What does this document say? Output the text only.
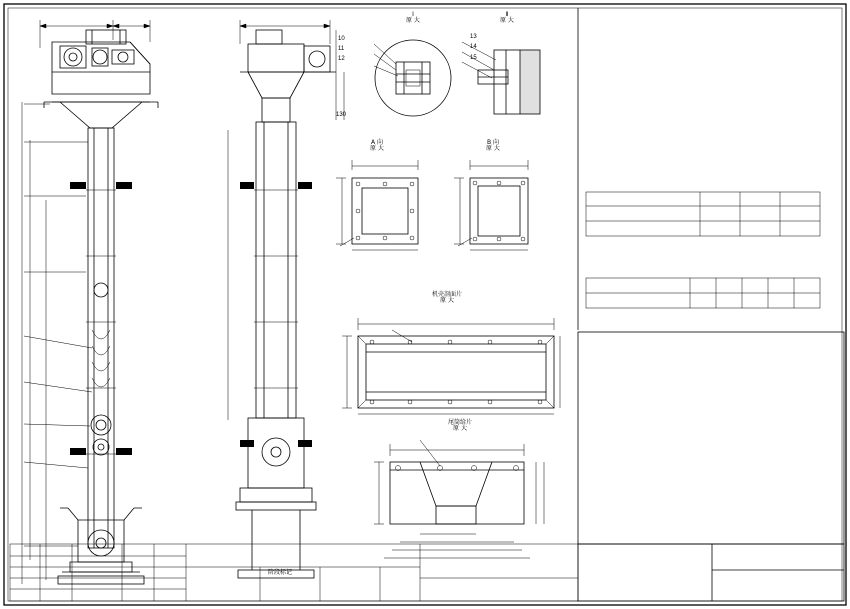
10
11
12
130
Ⅰ
原 大
Ⅱ
原 大
A 向
原 大
B 向
原 大
机壳剖面片
原 大
尾筒给片
原 大
13
14
15
阶段标记
